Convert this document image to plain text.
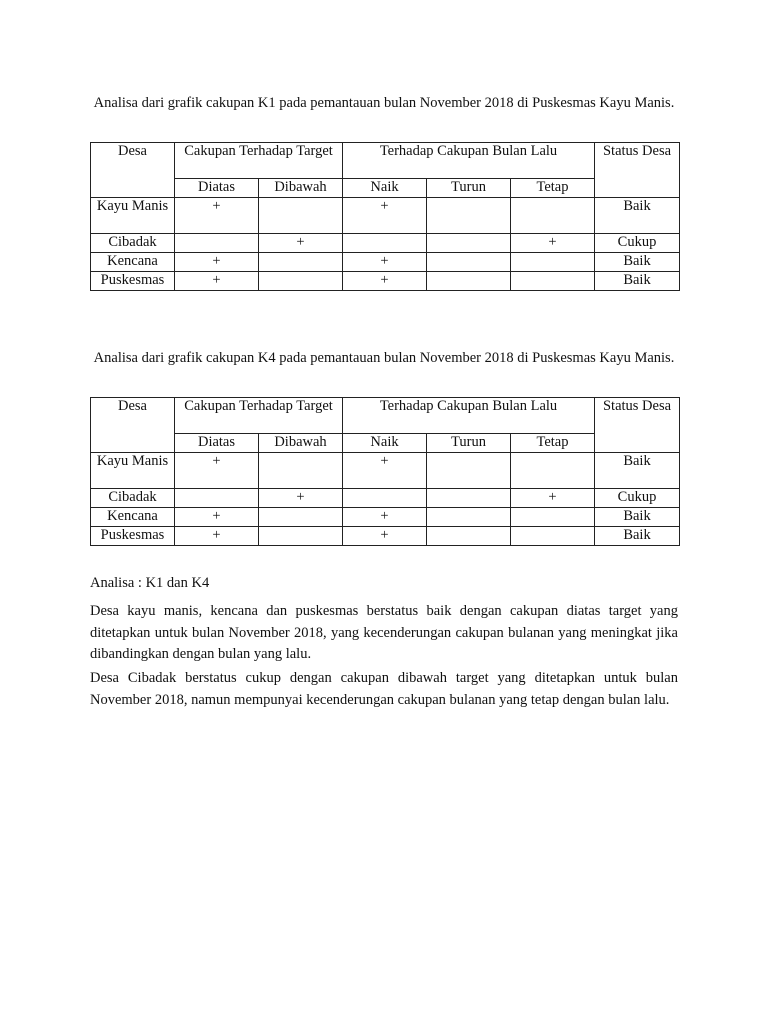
Analisa dari grafik cakupan K1 pada pemantauan bulan November 2018 di Puskesmas Kayu Manis.
Desa	Cakupan Terhadap Target		Terhadap Cakupan Bulan Lalu			Status Desa
	Diatas	Dibawah	Naik	Turun	Tetap	
Kayu Manis	+		+			Baik
Cibadak		+			+	Cukup
Kencana	+		+			Baik
Puskesmas	+		+			Baik
Analisa dari grafik cakupan K4 pada pemantauan bulan November 2018 di Puskesmas Kayu Manis.
Desa	Cakupan Terhadap Target		Terhadap Cakupan Bulan Lalu			Status Desa
	Diatas	Dibawah	Naik	Turun	Tetap	
Kayu Manis	+		+			Baik
Cibadak		+			+	Cukup
Kencana	+		+			Baik
Puskesmas	+		+			Baik
Analisa : K1 dan K4

Desa kayu manis, kencana dan puskesmas berstatus baik dengan cakupan diatas target yang ditetapkan untuk bulan November 2018, yang kecenderungan cakupan bulanan yang meningkat jika dibandingkan dengan bulan yang lalu.

Desa Cibadak berstatus cukup dengan cakupan dibawah target yang ditetapkan untuk bulan November 2018, namun mempunyai kecenderungan cakupan bulanan yang tetap dengan bulan lalu.
